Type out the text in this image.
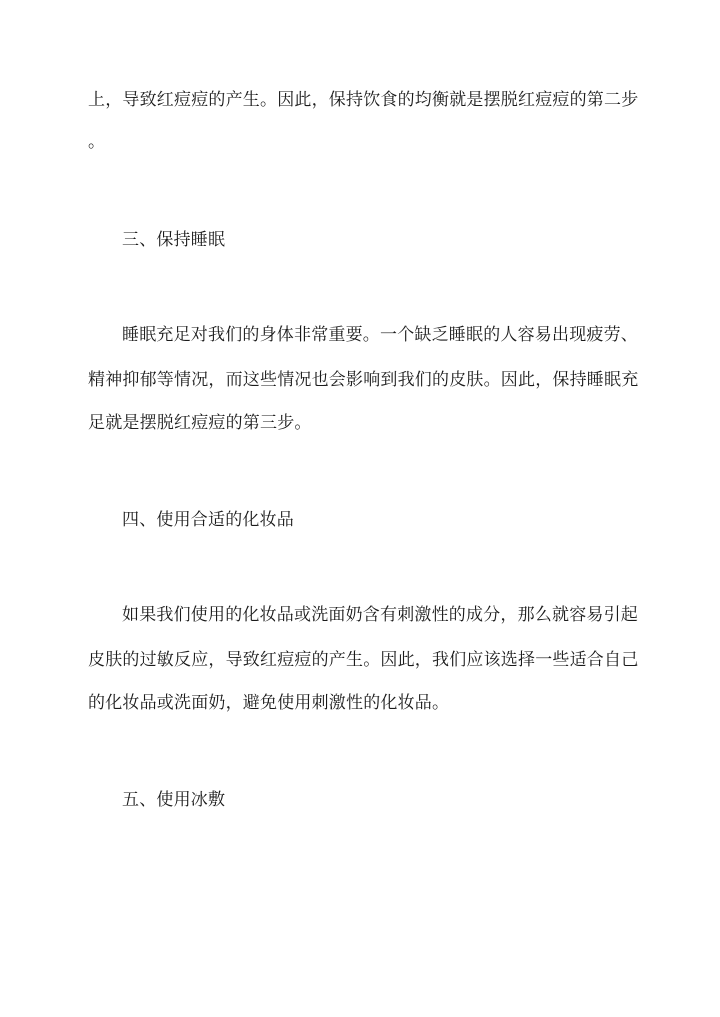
上，导致红痘痘的产生。因此，保持饮食的均衡就是摆脱红痘痘的第二步
。
三、保持睡眠
睡眠充足对我们的身体非常重要。一个缺乏睡眠的人容易出现疲劳、
精神抑郁等情况，而这些情况也会影响到我们的皮肤。因此，保持睡眠充
足就是摆脱红痘痘的第三步。
四、使用合适的化妆品
如果我们使用的化妆品或洗面奶含有刺激性的成分，那么就容易引起
皮肤的过敏反应，导致红痘痘的产生。因此，我们应该选择一些适合自己
的化妆品或洗面奶，避免使用刺激性的化妆品。
五、使用冰敷
